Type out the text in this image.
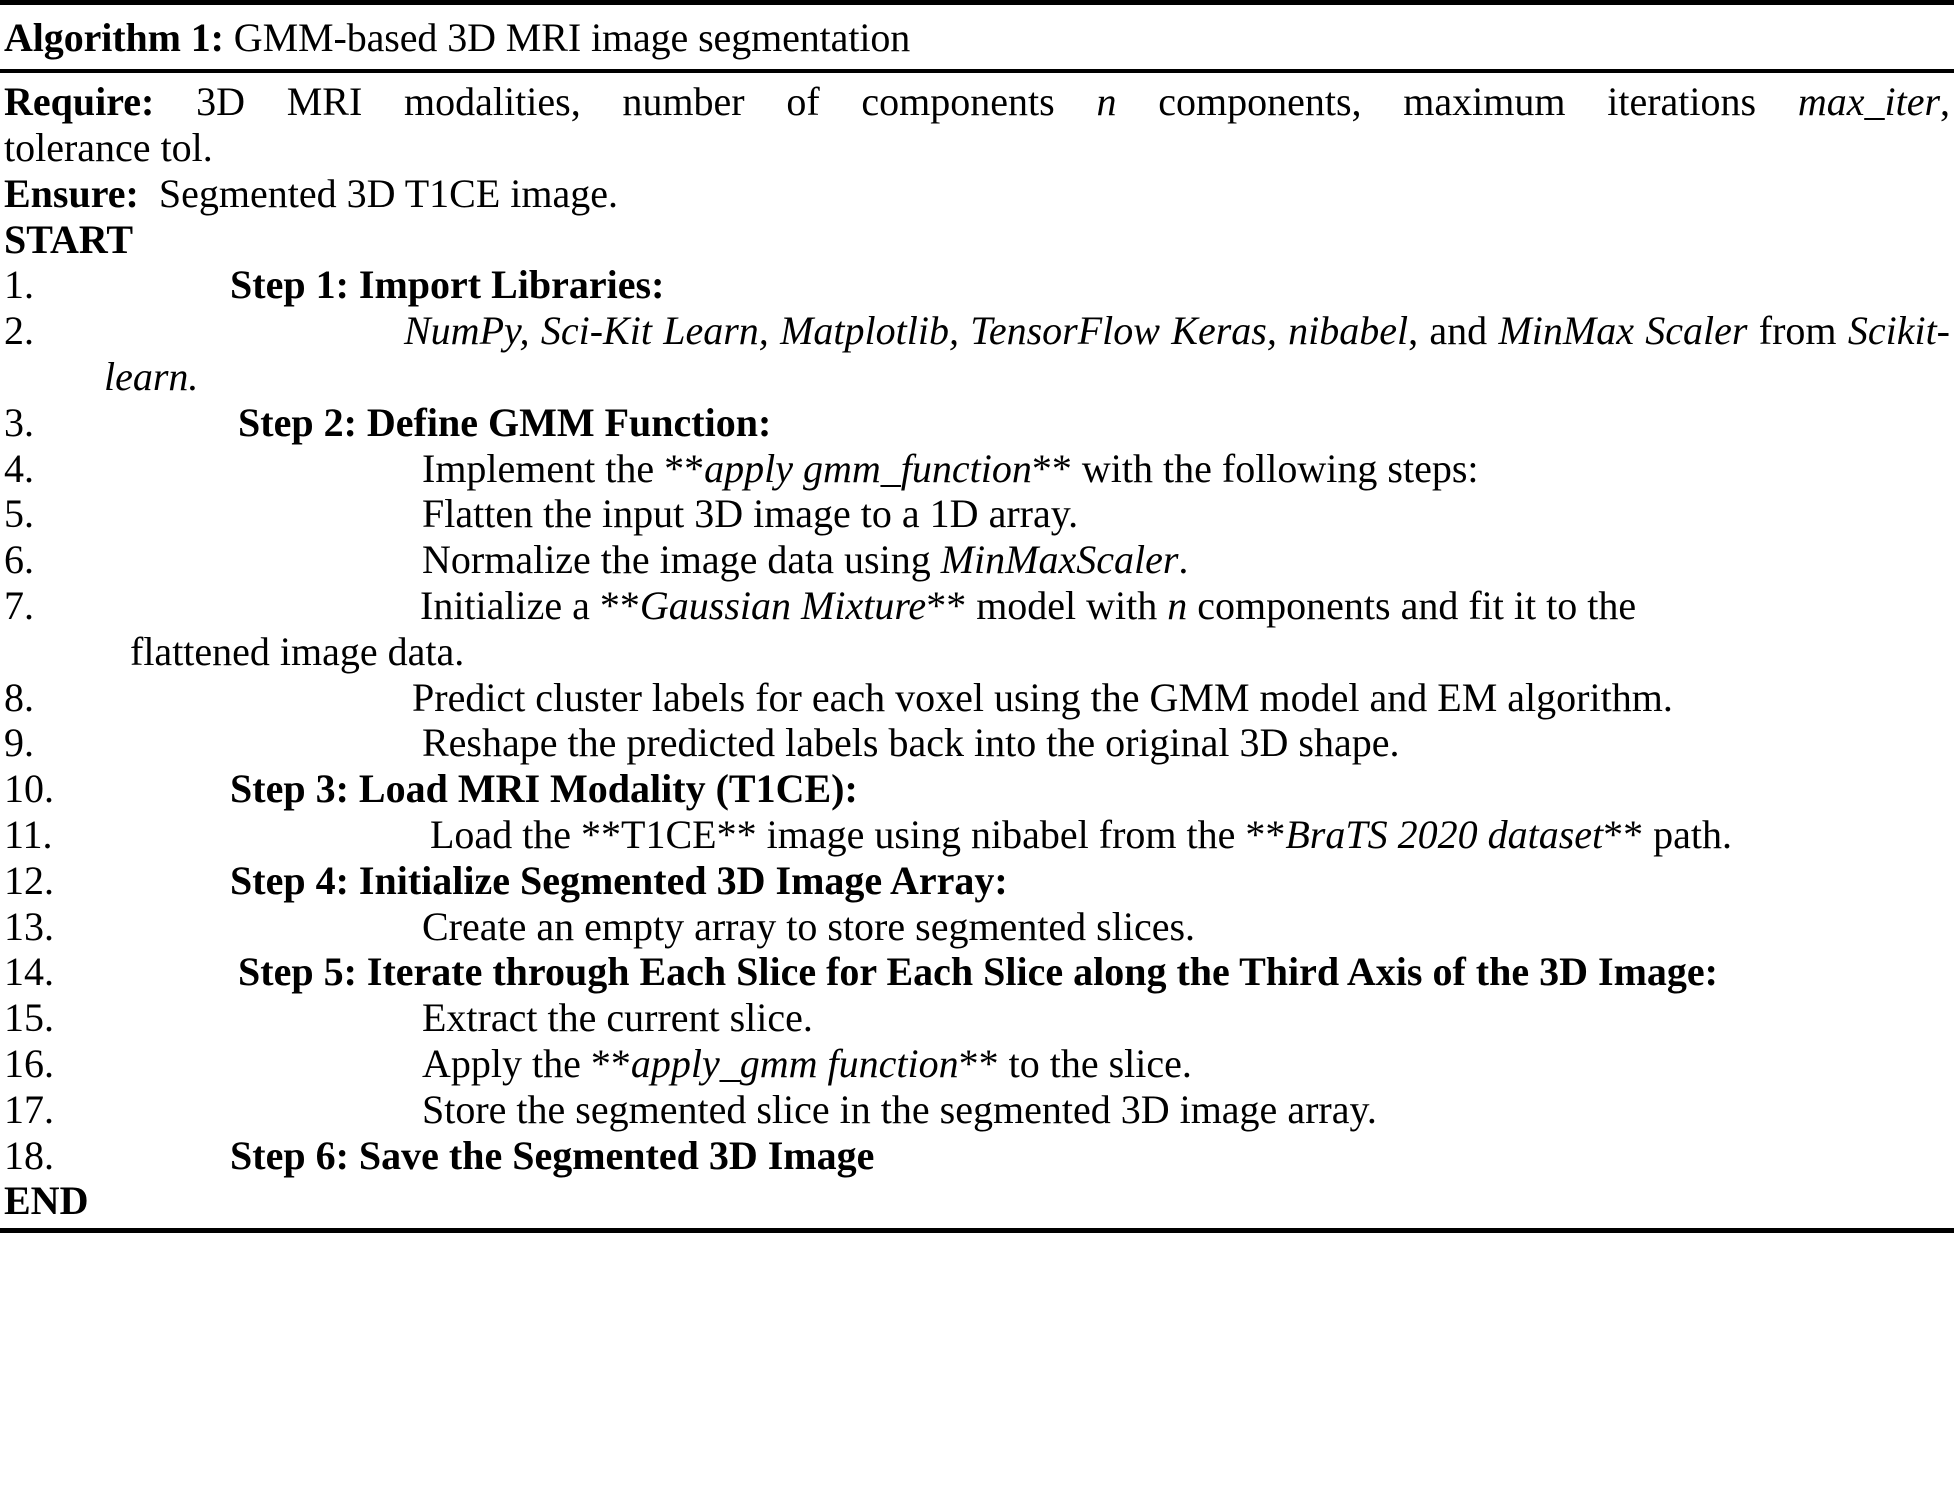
Algorithm 1: GMM-based 3D MRI image segmentation
Require: 3D MRI modalities, number of components n components, maximum iterations max_iter,
tolerance tol.
Ensure: Segmented 3D T1CE image.
START
1.	Step 1: Import Libraries:
2.	NumPy, Sci-Kit Learn, Matplotlib, TensorFlow Keras, nibabel, and MinMax Scaler from Scikit-learn.
3.	Step 2: Define GMM Function:
4.	Implement the **apply gmm_function** with the following steps:
5.	Flatten the input 3D image to a 1D array.
6.	Normalize the image data using MinMaxScaler.
7.	Initialize a **Gaussian Mixture** model with n components and fit it to the
flattened image data.
8.	Predict cluster labels for each voxel using the GMM model and EM algorithm.
9.	Reshape the predicted labels back into the original 3D shape.
10.	Step 3: Load MRI Modality (T1CE):
11.	Load the **T1CE** image using nibabel from the **BraTS 2020 dataset** path.
12.	Step 4: Initialize Segmented 3D Image Array:
13.	Create an empty array to store segmented slices.
14.	Step 5: Iterate through Each Slice for Each Slice along the Third Axis of the 3D Image:
15.	Extract the current slice.
16.	Apply the **apply_gmm function** to the slice.
17.	Store the segmented slice in the segmented 3D image array.
18.	Step 6: Save the Segmented 3D Image
END
